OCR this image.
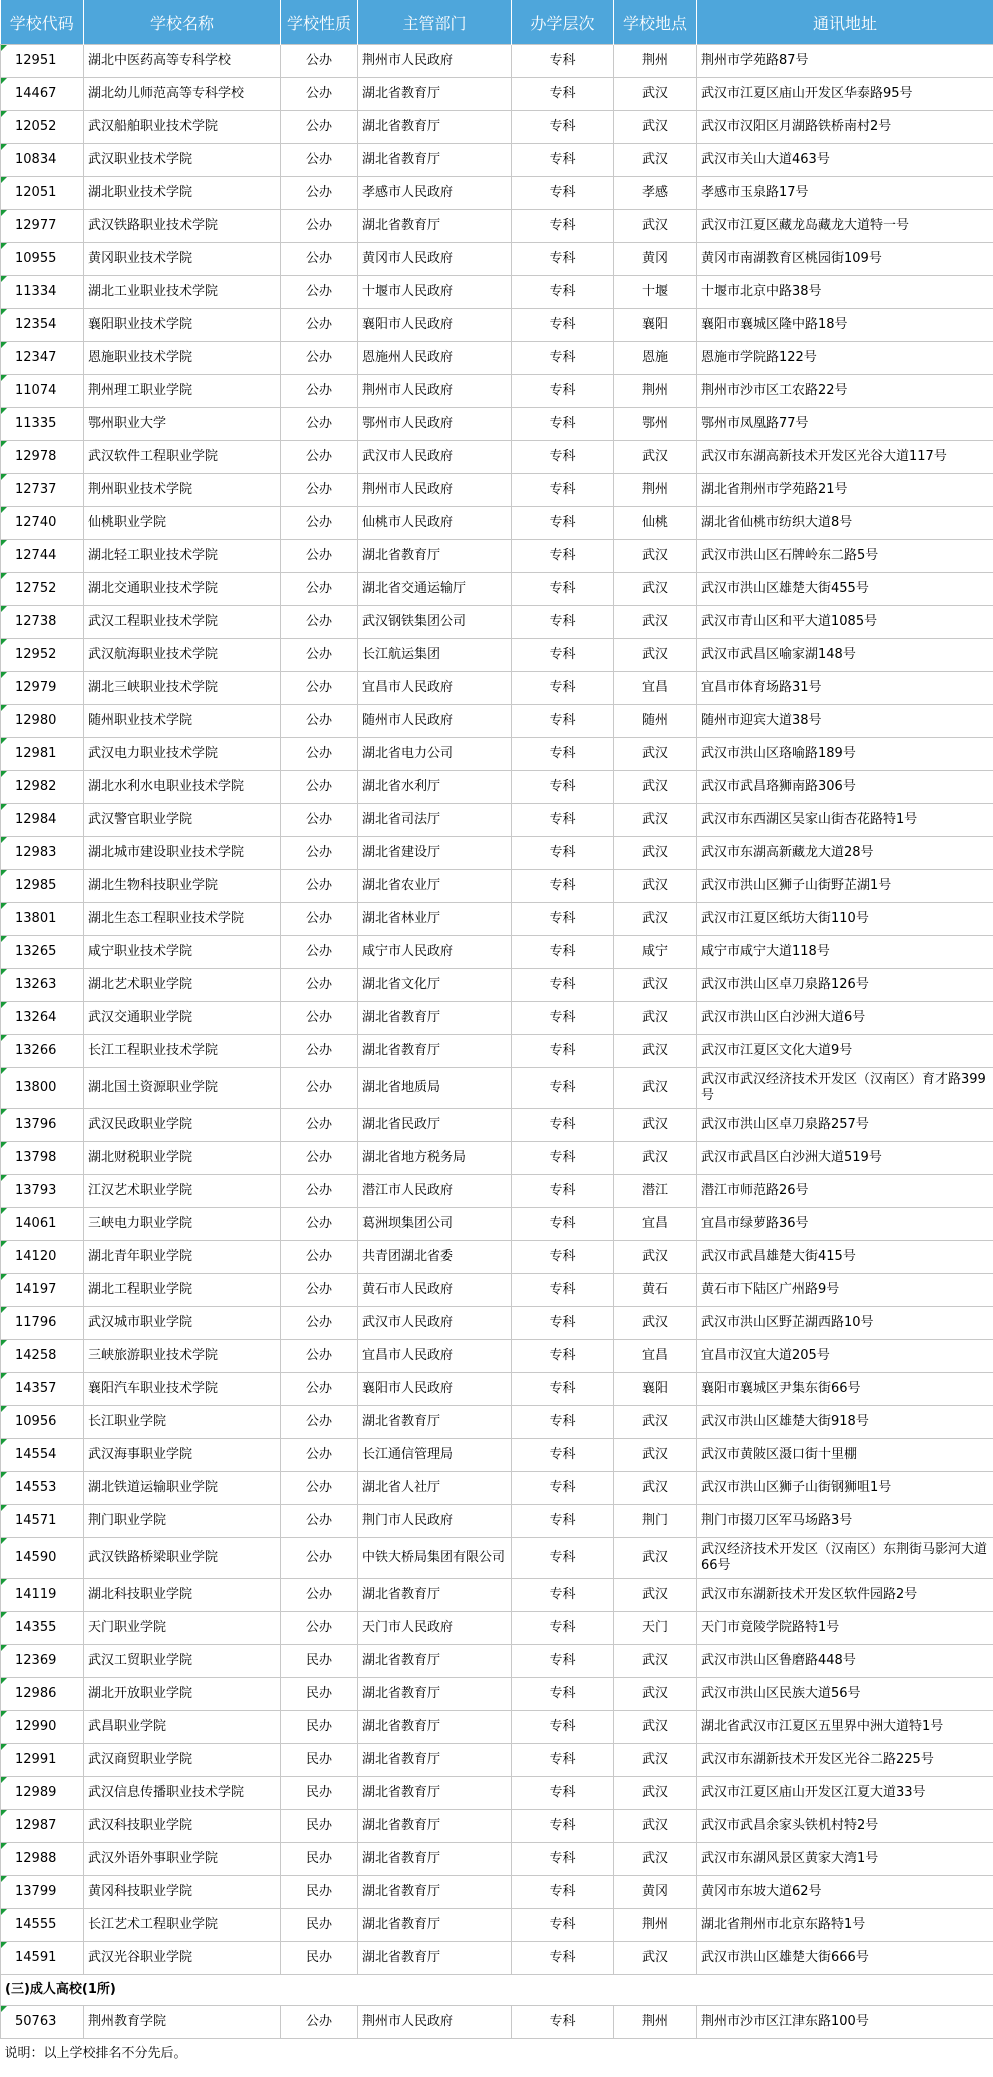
学校代码	学校名称	学校性质	主管部门	办学层次	学校地点	通讯地址
12951	湖北中医药高等专科学校	公办	荆州市人民政府	专科	荆州	荆州市学苑路87号
14467	湖北幼儿师范高等专科学校	公办	湖北省教育厅	专科	武汉	武汉市江夏区庙山开发区华泰路95号
12052	武汉船舶职业技术学院	公办	湖北省教育厅	专科	武汉	武汉市汉阳区月湖路铁桥南村2号
10834	武汉职业技术学院	公办	湖北省教育厅	专科	武汉	武汉市关山大道463号
12051	湖北职业技术学院	公办	孝感市人民政府	专科	孝感	孝感市玉泉路17号
12977	武汉铁路职业技术学院	公办	湖北省教育厅	专科	武汉	武汉市江夏区藏龙岛藏龙大道特一号
10955	黄冈职业技术学院	公办	黄冈市人民政府	专科	黄冈	黄冈市南湖教育区桃园街109号
11334	湖北工业职业技术学院	公办	十堰市人民政府	专科	十堰	十堰市北京中路38号
12354	襄阳职业技术学院	公办	襄阳市人民政府	专科	襄阳	襄阳市襄城区隆中路18号
12347	恩施职业技术学院	公办	恩施州人民政府	专科	恩施	恩施市学院路122号
11074	荆州理工职业学院	公办	荆州市人民政府	专科	荆州	荆州市沙市区工农路22号
11335	鄂州职业大学	公办	鄂州市人民政府	专科	鄂州	鄂州市凤凰路77号
12978	武汉软件工程职业学院	公办	武汉市人民政府	专科	武汉	武汉市东湖高新技术开发区光谷大道117号
12737	荆州职业技术学院	公办	荆州市人民政府	专科	荆州	湖北省荆州市学苑路21号
12740	仙桃职业学院	公办	仙桃市人民政府	专科	仙桃	湖北省仙桃市纺织大道8号
12744	湖北轻工职业技术学院	公办	湖北省教育厅	专科	武汉	武汉市洪山区石牌岭东二路5号
12752	湖北交通职业技术学院	公办	湖北省交通运输厅	专科	武汉	武汉市洪山区雄楚大街455号
12738	武汉工程职业技术学院	公办	武汉钢铁集团公司	专科	武汉	武汉市青山区和平大道1085号
12952	武汉航海职业技术学院	公办	长江航运集团	专科	武汉	武汉市武昌区喻家湖148号
12979	湖北三峡职业技术学院	公办	宜昌市人民政府	专科	宜昌	宜昌市体育场路31号
12980	随州职业技术学院	公办	随州市人民政府	专科	随州	随州市迎宾大道38号
12981	武汉电力职业技术学院	公办	湖北省电力公司	专科	武汉	武汉市洪山区珞喻路189号
12982	湖北水利水电职业技术学院	公办	湖北省水利厅	专科	武汉	武汉市武昌珞狮南路306号
12984	武汉警官职业学院	公办	湖北省司法厅	专科	武汉	武汉市东西湖区吴家山街杏花路特1号
12983	湖北城市建设职业技术学院	公办	湖北省建设厅	专科	武汉	武汉市东湖高新藏龙大道28号
12985	湖北生物科技职业学院	公办	湖北省农业厅	专科	武汉	武汉市洪山区狮子山街野芷湖1号
13801	湖北生态工程职业技术学院	公办	湖北省林业厅	专科	武汉	武汉市江夏区纸坊大街110号
13265	咸宁职业技术学院	公办	咸宁市人民政府	专科	咸宁	咸宁市咸宁大道118号
13263	湖北艺术职业学院	公办	湖北省文化厅	专科	武汉	武汉市洪山区卓刀泉路126号
13264	武汉交通职业学院	公办	湖北省教育厅	专科	武汉	武汉市洪山区白沙洲大道6号
13266	长江工程职业技术学院	公办	湖北省教育厅	专科	武汉	武汉市江夏区文化大道9号
13800	湖北国土资源职业学院	公办	湖北省地质局	专科	武汉	武汉市武汉经济技术开发区（汉南区）育才路399号
13796	武汉民政职业学院	公办	湖北省民政厅	专科	武汉	武汉市洪山区卓刀泉路257号
13798	湖北财税职业学院	公办	湖北省地方税务局	专科	武汉	武汉市武昌区白沙洲大道519号
13793	江汉艺术职业学院	公办	潜江市人民政府	专科	潜江	潜江市师范路26号
14061	三峡电力职业学院	公办	葛洲坝集团公司	专科	宜昌	宜昌市绿萝路36号
14120	湖北青年职业学院	公办	共青团湖北省委	专科	武汉	武汉市武昌雄楚大街415号
14197	湖北工程职业学院	公办	黄石市人民政府	专科	黄石	黄石市下陆区广州路9号
11796	武汉城市职业学院	公办	武汉市人民政府	专科	武汉	武汉市洪山区野芷湖西路10号
14258	三峡旅游职业技术学院	公办	宜昌市人民政府	专科	宜昌	宜昌市汉宜大道205号
14357	襄阳汽车职业技术学院	公办	襄阳市人民政府	专科	襄阳	襄阳市襄城区尹集东街66号
10956	长江职业学院	公办	湖北省教育厅	专科	武汉	武汉市洪山区雄楚大街918号
14554	武汉海事职业学院	公办	长江通信管理局	专科	武汉	武汉市黄陂区滠口街十里棚
14553	湖北铁道运输职业学院	公办	湖北省人社厅	专科	武汉	武汉市洪山区狮子山街钢狮咀1号
14571	荆门职业学院	公办	荆门市人民政府	专科	荆门	荆门市掇刀区军马场路3号
14590	武汉铁路桥梁职业学院	公办	中铁大桥局集团有限公司	专科	武汉	武汉经济技术开发区（汉南区）东荆街马影河大道66号
14119	湖北科技职业学院	公办	湖北省教育厅	专科	武汉	武汉市东湖新技术开发区软件园路2号
14355	天门职业学院	公办	天门市人民政府	专科	天门	天门市竟陵学院路特1号
12369	武汉工贸职业学院	民办	湖北省教育厅	专科	武汉	武汉市洪山区鲁磨路448号
12986	湖北开放职业学院	民办	湖北省教育厅	专科	武汉	武汉市洪山区民族大道56号
12990	武昌职业学院	民办	湖北省教育厅	专科	武汉	湖北省武汉市江夏区五里界中洲大道特1号
12991	武汉商贸职业学院	民办	湖北省教育厅	专科	武汉	武汉市东湖新技术开发区光谷二路225号
12989	武汉信息传播职业技术学院	民办	湖北省教育厅	专科	武汉	武汉市江夏区庙山开发区江夏大道33号
12987	武汉科技职业学院	民办	湖北省教育厅	专科	武汉	武汉市武昌余家头铁机村特2号
12988	武汉外语外事职业学院	民办	湖北省教育厅	专科	武汉	武汉市东湖风景区黄家大湾1号
13799	黄冈科技职业学院	民办	湖北省教育厅	专科	黄冈	黄冈市东坡大道62号
14555	长江艺术工程职业学院	民办	湖北省教育厅	专科	荆州	湖北省荆州市北京东路特1号
14591	武汉光谷职业学院	民办	湖北省教育厅	专科	武汉	武汉市洪山区雄楚大街666号
(三)成人高校(1所)						
50763	荆州教育学院	公办	荆州市人民政府	专科	荆州	荆州市沙市区江津东路100号
说明：以上学校排名不分先后。						
